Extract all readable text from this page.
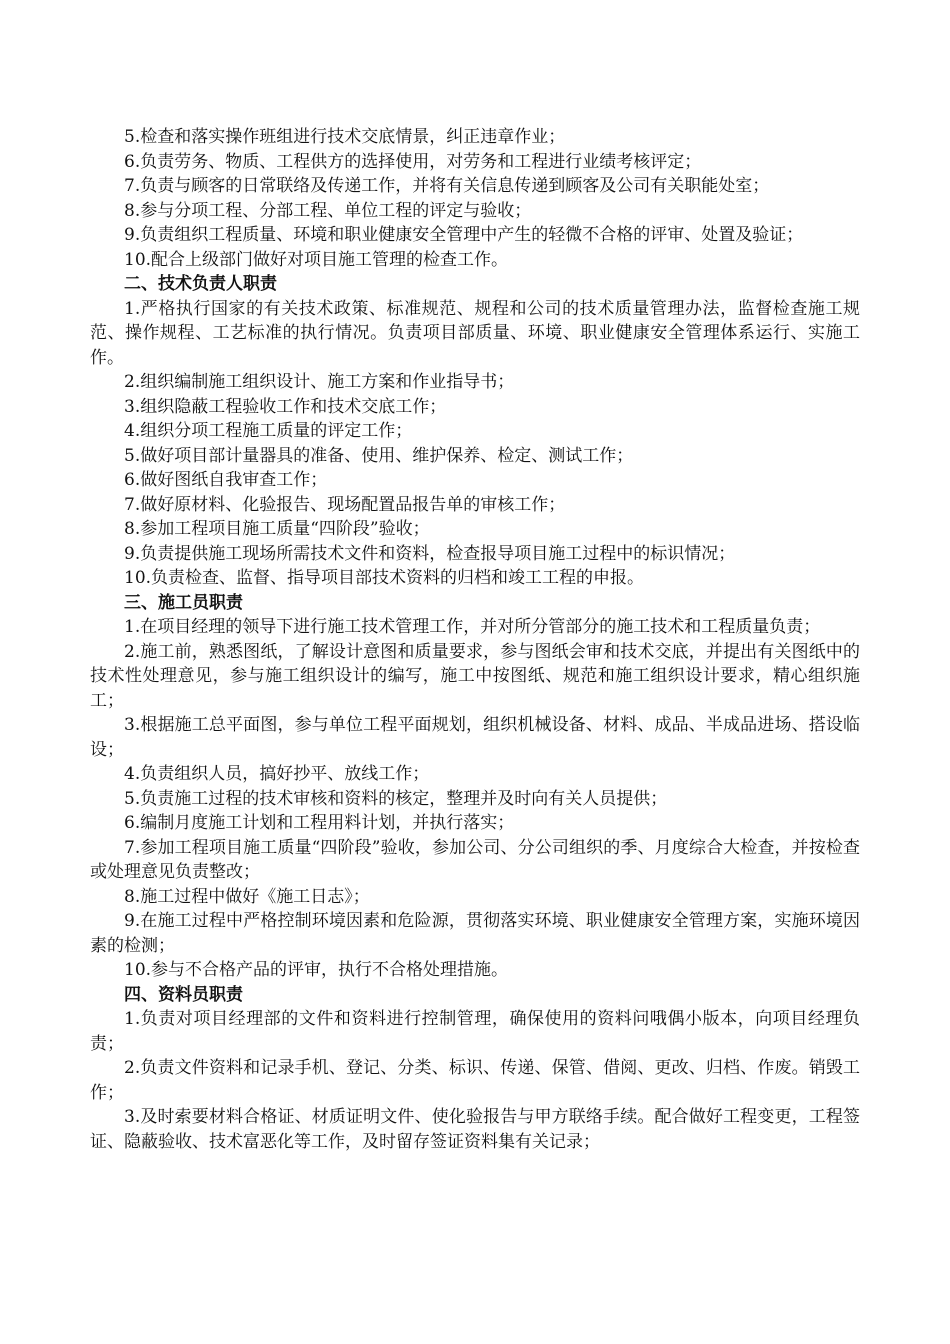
5.检查和落实操作班组进行技术交底情景，纠正违章作业；

6.负责劳务、物质、工程供方的选择使用，对劳务和工程进行业绩考核评定；

7.负责与顾客的日常联络及传递工作，并将有关信息传递到顾客及公司有关职能处室；

8.参与分项工程、分部工程、单位工程的评定与验收；

9.负责组织工程质量、环境和职业健康安全管理中产生的轻微不合格的评审、处置及验证；

10.配合上级部门做好对项目施工管理的检查工作。

二、技术负责人职责

1.严格执行国家的有关技术政策、标准规范、规程和公司的技术质量管理办法，监督检查施工规范、操作规程、工艺标准的执行情况。负责项目部质量、环境、职业健康安全管理体系运行、实施工作。

2.组织编制施工组织设计、施工方案和作业指导书；

3.组织隐蔽工程验收工作和技术交底工作；

4.组织分项工程施工质量的评定工作；

5.做好项目部计量器具的准备、使用、维护保养、检定、测试工作；

6.做好图纸自我审查工作；

7.做好原材料、化验报告、现场配置品报告单的审核工作；

8.参加工程项目施工质量“四阶段”验收；

9.负责提供施工现场所需技术文件和资料，检查报导项目施工过程中的标识情况；

10.负责检查、监督、指导项目部技术资料的归档和竣工工程的申报。

三、施工员职责

1.在项目经理的领导下进行施工技术管理工作，并对所分管部分的施工技术和工程质量负责；

2.施工前，熟悉图纸，了解设计意图和质量要求，参与图纸会审和技术交底，并提出有关图纸中的技术性处理意见，参与施工组织设计的编写，施工中按图纸、规范和施工组织设计要求，精心组织施工；

3.根据施工总平面图，参与单位工程平面规划，组织机械设备、材料、成品、半成品进场、搭设临设；

4.负责组织人员，搞好抄平、放线工作；

5.负责施工过程的技术审核和资料的核定，整理并及时向有关人员提供；

6.编制月度施工计划和工程用料计划，并执行落实；

7.参加工程项目施工质量“四阶段”验收，参加公司、分公司组织的季、月度综合大检查，并按检查或处理意见负责整改；

8.施工过程中做好《施工日志》；

9.在施工过程中严格控制环境因素和危险源，贯彻落实环境、职业健康安全管理方案，实施环境因素的检测；

10.参与不合格产品的评审，执行不合格处理措施。

四、资料员职责

1.负责对项目经理部的文件和资料进行控制管理，确保使用的资料问哦偶小版本，向项目经理负责；

2.负责文件资料和记录手机、登记、分类、标识、传递、保管、借阅、更改、归档、作废。销毁工作；

3.及时索要材料合格证、材质证明文件、使化验报告与甲方联络手续。配合做好工程变更，工程签证、隐蔽验收、技术富恶化等工作，及时留存签证资料集有关记录；
